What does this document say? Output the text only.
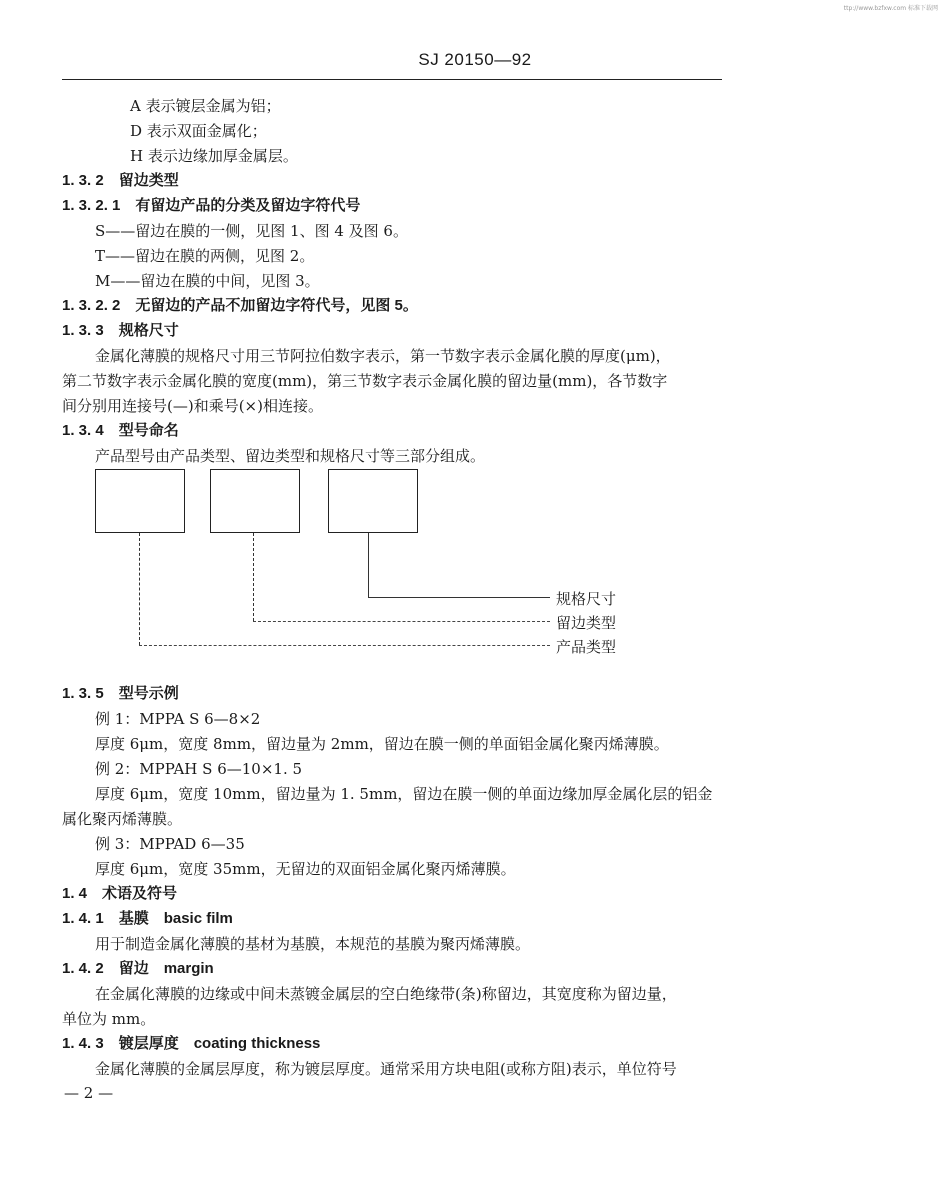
ttp://www.bzfxw.com 标准下载网
SJ 20150—92
A 表示镀层金属为铝；
D 表示双面金属化；
H 表示边缘加厚金属层。
1. 3. 2　留边类型
1. 3. 2. 1　有留边产品的分类及留边字符代号
S——留边在膜的一侧，见图 1、图 4 及图 6。
T——留边在膜的两侧，见图 2。
M——留边在膜的中间，见图 3。
1. 3. 2. 2　无留边的产品不加留边字符代号，见图 5。
1. 3. 3　规格尺寸
金属化薄膜的规格尺寸用三节阿拉伯数字表示，第一节数字表示金属化膜的厚度(μm)，
第二节数字表示金属化膜的宽度(mm)，第三节数字表示金属化膜的留边量(mm)，各节数字
间分别用连接号(—)和乘号(×)相连接。
1. 3. 4　型号命名
产品型号由产品类型、留边类型和规格尺寸等三部分组成。
规格尺寸
留边类型
产品类型
1. 3. 5　型号示例
例 1：MPPA S 6—8×2
厚度 6μm，宽度 8mm，留边量为 2mm，留边在膜一侧的单面铝金属化聚丙烯薄膜。
例 2：MPPAH S 6—10×1. 5
厚度 6μm，宽度 10mm，留边量为 1. 5mm，留边在膜一侧的单面边缘加厚金属化层的铝金
属化聚丙烯薄膜。
例 3：MPPAD 6—35
厚度 6μm，宽度 35mm，无留边的双面铝金属化聚丙烯薄膜。
1. 4　术语及符号
1. 4. 1　基膜　basic film
用于制造金属化薄膜的基材为基膜，本规范的基膜为聚丙烯薄膜。
1. 4. 2　留边　margin
在金属化薄膜的边缘或中间未蒸镀金属层的空白绝缘带(条)称留边，其宽度称为留边量，
单位为 mm。
1. 4. 3　镀层厚度　coating thickness
金属化薄膜的金属层厚度，称为镀层厚度。通常采用方块电阻(或称方阻)表示，单位符号
— 2 —
